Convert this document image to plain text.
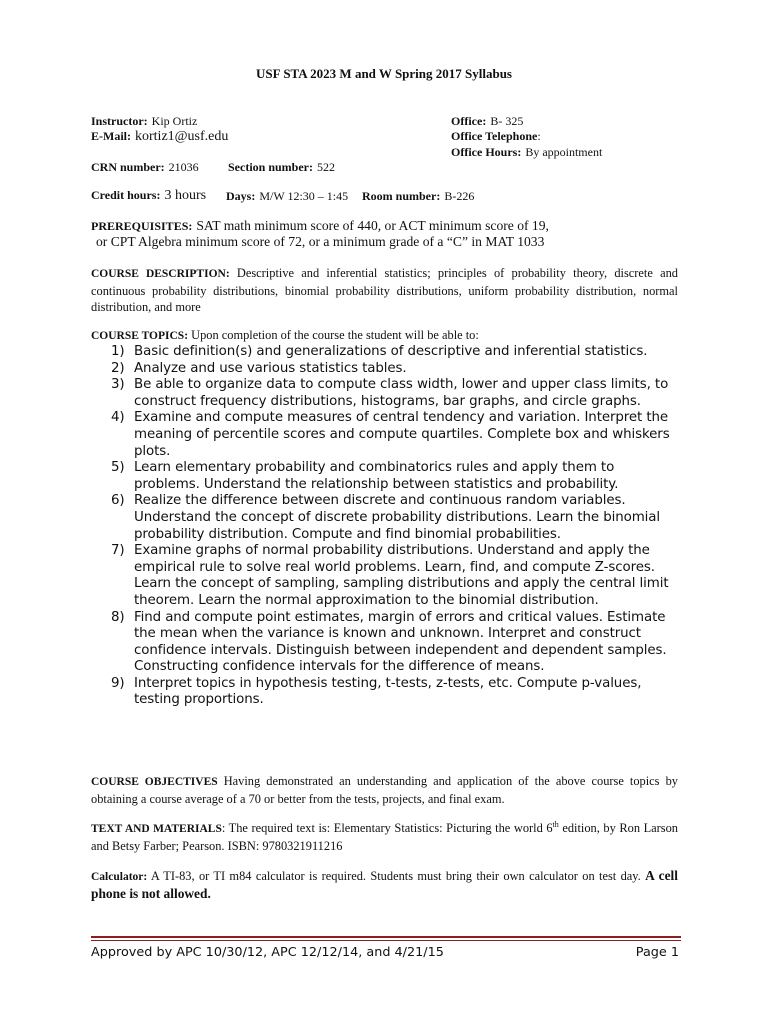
USF STA 2023 M and W Spring 2017 Syllabus
Instructor: Kip Ortiz	Office: B- 325
E-Mail: kortiz1@usf.edu	Office Telephone:
Office Hours: By appointment
CRN number: 21036 Section number: 522
Credit hours: 3 hours Days: M/W 12:30 – 1:45 Room number: B-226
PREREQUISITES: SAT math minimum score of 440, or ACT minimum score of 19,
or CPT Algebra minimum score of 72, or a minimum grade of a “C” in MAT 1033
COURSE DESCRIPTION: Descriptive and inferential statistics; principles of probability theory, discrete and continuous probability distributions, binomial probability distributions, uniform probability distribution, normal distribution, and more
COURSE TOPICS: Upon completion of the course the student will be able to:
1) Basic definition(s) and generalizations of descriptive and inferential statistics.
2) Analyze and use various statistics tables.
3) Be able to organize data to compute class width, lower and upper class limits, to construct frequency distributions, histograms, bar graphs, and circle graphs.
4) Examine and compute measures of central tendency and variation. Interpret the meaning of percentile scores and compute quartiles. Complete box and whiskers plots.
5) Learn elementary probability and combinatorics rules and apply them to problems. Understand the relationship between statistics and probability.
6) Realize the difference between discrete and continuous random variables. Understand the concept of discrete probability distributions. Learn the binomial probability distribution. Compute and find binomial probabilities.
7) Examine graphs of normal probability distributions. Understand and apply the empirical rule to solve real world problems. Learn, find, and compute Z-scores. Learn the concept of sampling, sampling distributions and apply the central limit theorem. Learn the normal approximation to the binomial distribution.
8) Find and compute point estimates, margin of errors and critical values. Estimate the mean when the variance is known and unknown. Interpret and construct confidence intervals. Distinguish between independent and dependent samples. Constructing confidence intervals for the difference of means.
9) Interpret topics in hypothesis testing, t-tests, z-tests, etc. Compute p-values, testing proportions.
COURSE OBJECTIVES Having demonstrated an understanding and application of the above course topics by obtaining a course average of a 70 or better from the tests, projects, and final exam.
TEXT AND MATERIALS: The required text is: Elementary Statistics: Picturing the world 6th edition, by Ron Larson and Betsy Farber; Pearson. ISBN: 9780321911216
Calculator: A TI-83, or TI m84 calculator is required. Students must bring their own calculator on test day. A cell phone is not allowed.
Approved by APC 10/30/12, APC 12/12/14, and 4/21/15	Page 1
